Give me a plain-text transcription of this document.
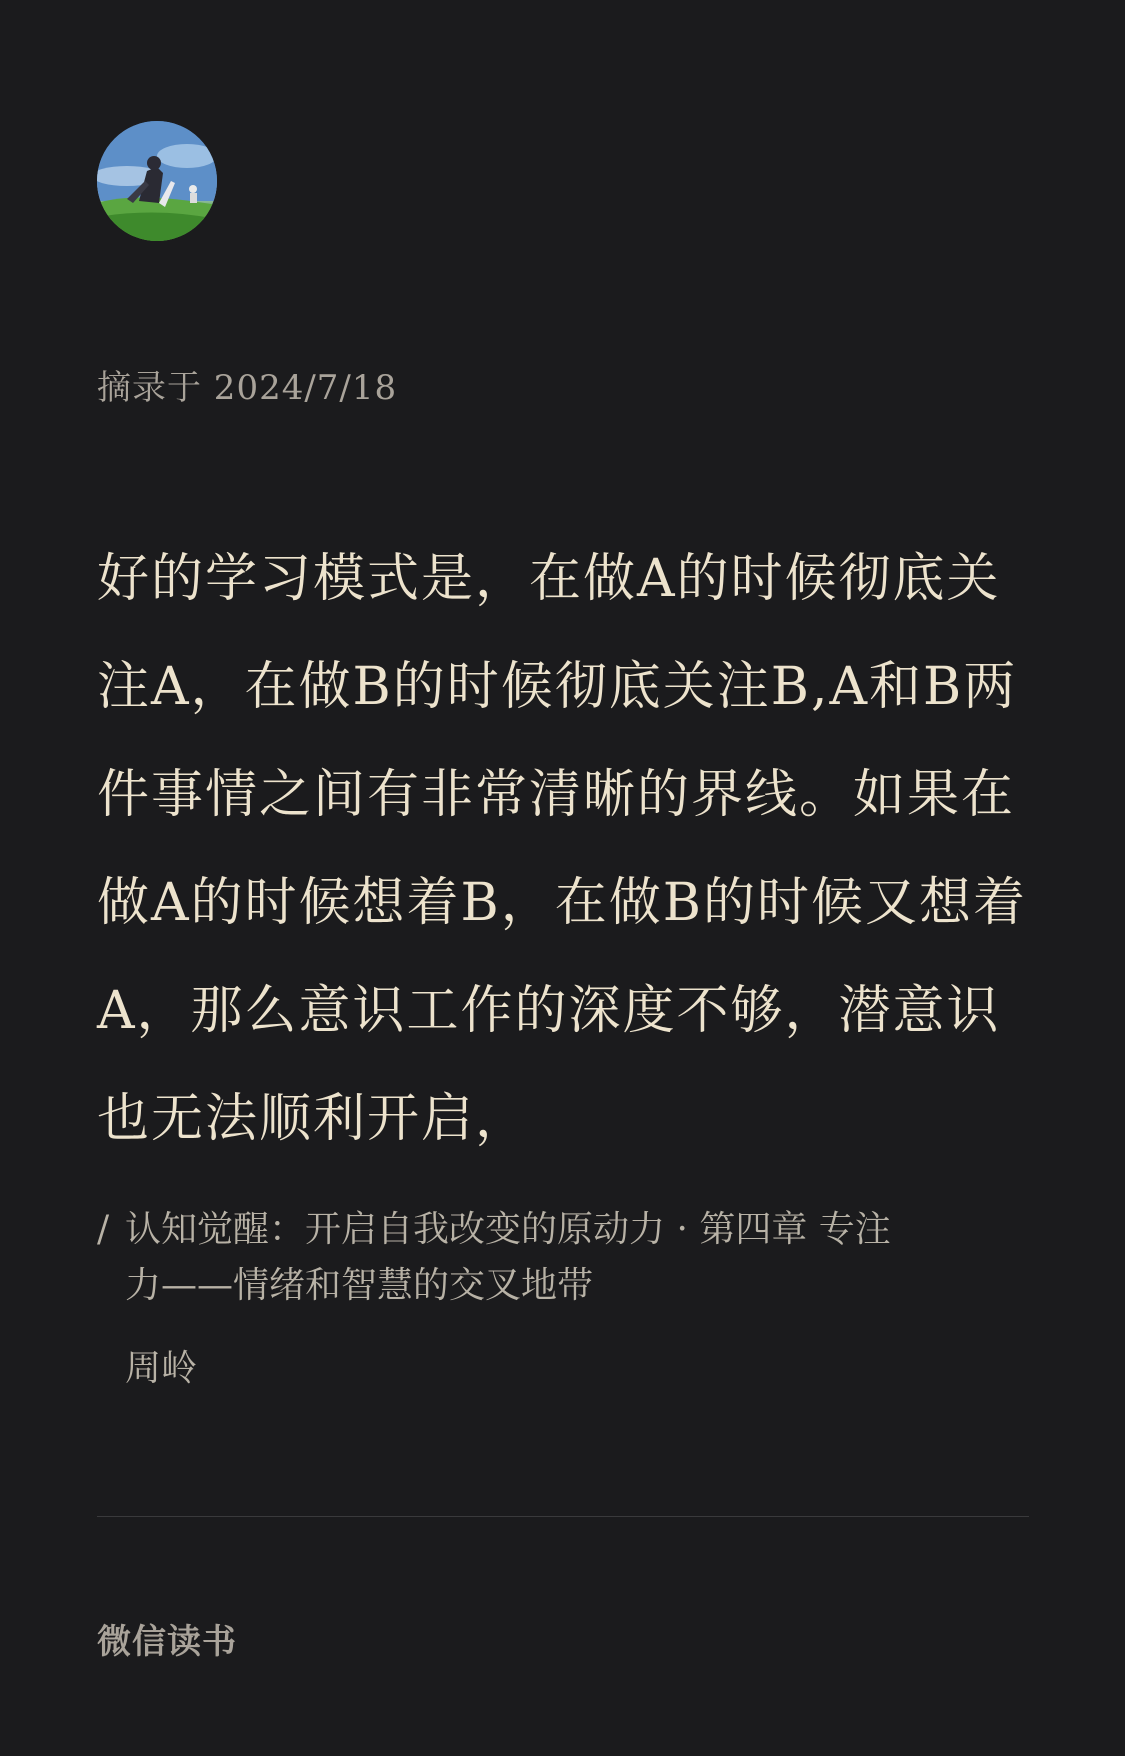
摘录于 2024/7/18
好的学习模式是，在做A的时候彻底关
注A，在做B的时候彻底关注B,A和B两
件事情之间有非常清晰的界线。如果在
做A的时候想着B，在做B的时候又想着
A，那么意识工作的深度不够，潜意识
也无法顺利开启，
/ 认知觉醒：开启自我改变的原动力 · 第四章 专注
力——情绪和智慧的交叉地带
周岭
微信读书
